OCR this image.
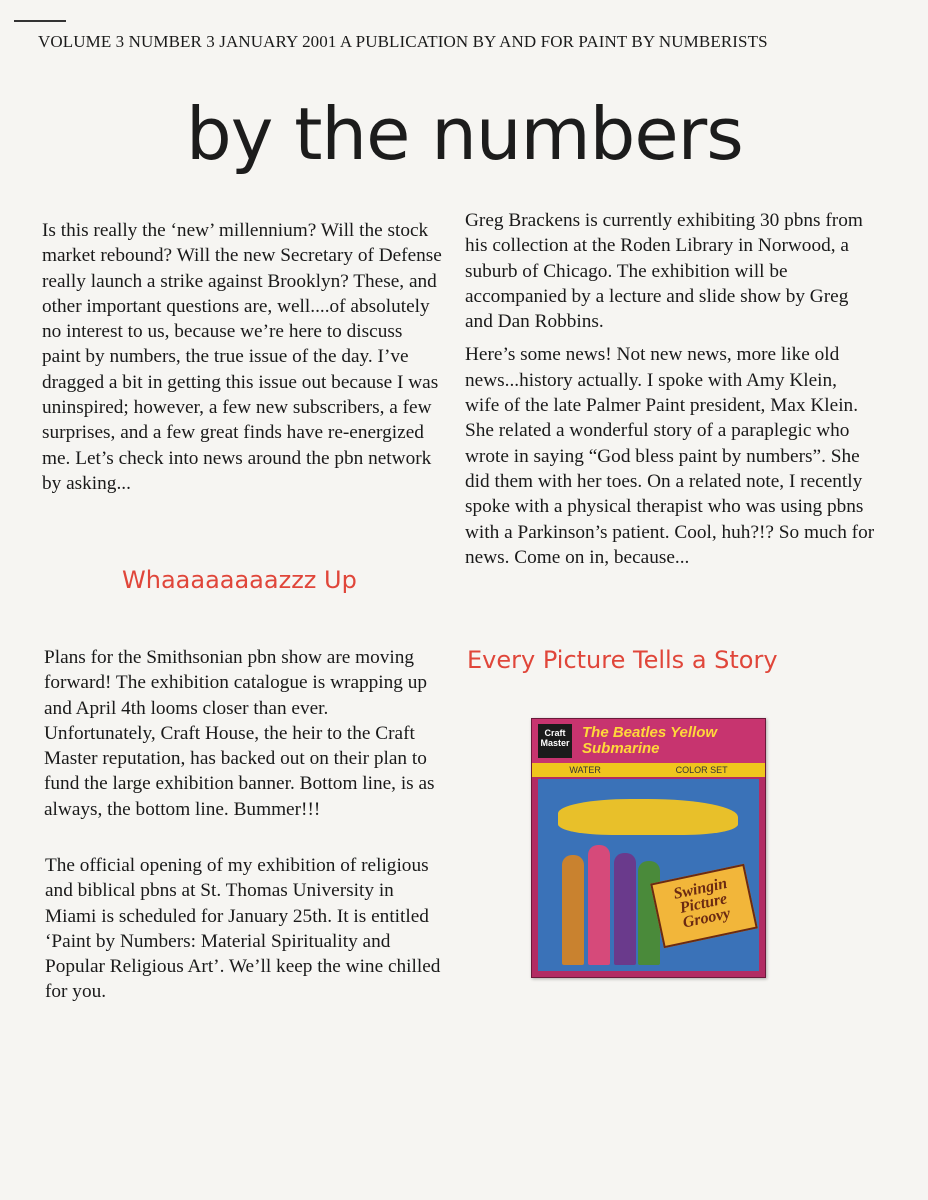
VOLUME 3 NUMBER 3 JANUARY 2001 A PUBLICATION BY AND FOR PAINT BY NUMBERISTS
by the numbers

Is this really the ‘new’ millennium? Will the stock market rebound? Will the new Secretary of Defense really launch a strike against Brooklyn? These, and other important questions are, well....of absolutely no interest to us, because we’re here to discuss paint by numbers, the true issue of the day. I’ve dragged a bit in getting this issue out because I was uninspired; however, a few new subscribers, a few surprises, and a few great finds have re-energized me. Let’s check into news around the pbn network by asking...

Whaaaaaaaazzz Up

Plans for the Smithsonian pbn show are moving forward! The exhibition catalogue is wrapping up and April 4th looms closer than ever. Unfortunately, Craft House, the heir to the Craft Master reputation, has backed out on their plan to fund the large exhibition banner. Bottom line, is as always, the bottom line. Bummer!!!

The official opening of my exhibition of religious and biblical pbns at St. Thomas University in Miami is scheduled for January 25th. It is entitled ‘Paint by Numbers: Material Spirituality and Popular Religious Art’. We’ll keep the wine chilled for you.

Greg Brackens is currently exhibiting 30 pbns from his collection at the Roden Library in Norwood, a suburb of Chicago. The exhibition will be accompanied by a lecture and slide show by Greg and Dan Robbins.

Here’s some news! Not new news, more like old news...history actually. I spoke with Amy Klein, wife of the late Palmer Paint president, Max Klein. She related a wonderful story of a paraplegic who wrote in saying “God bless paint by numbers”. She did them with her toes. On a related note, I recently spoke with a physical therapist who was using pbns with a Parkinson’s patient. Cool, huh?!? So much for news. Come on in, because...

Every Picture Tells a Story
Craft Master
The Beatles Yellow Submarine
WATER	COLOR SET
Swingin Picture Groovy
